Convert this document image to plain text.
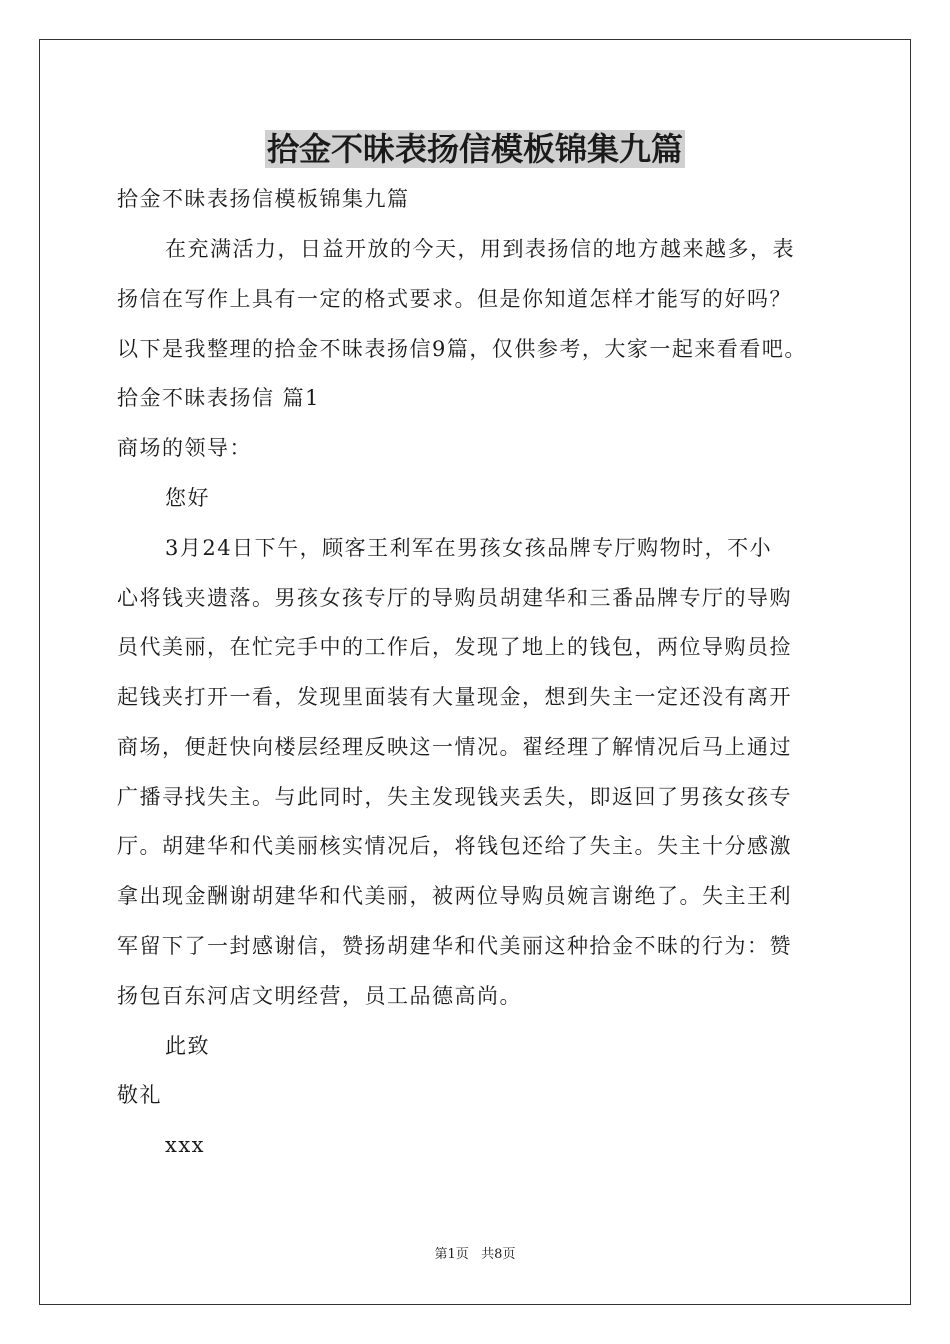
拾金不昧表扬信模板锦集九篇
拾金不昧表扬信模板锦集九篇
在充满活力，日益开放的今天，用到表扬信的地方越来越多，表
扬信在写作上具有一定的格式要求。但是你知道怎样才能写的好吗？
以下是我整理的拾金不昧表扬信9篇，仅供参考，大家一起来看看吧。
拾金不昧表扬信 篇1
商场的领导：
您好
3月24日下午，顾客王利军在男孩女孩品牌专厅购物时，不小
心将钱夹遗落。男孩女孩专厅的导购员胡建华和三番品牌专厅的导购
员代美丽，在忙完手中的工作后，发现了地上的钱包，两位导购员捡
起钱夹打开一看，发现里面装有大量现金，想到失主一定还没有离开
商场，便赶快向楼层经理反映这一情况。翟经理了解情况后马上通过
广播寻找失主。与此同时，失主发现钱夹丢失，即返回了男孩女孩专
厅。胡建华和代美丽核实情况后，将钱包还给了失主。失主十分感激
拿出现金酬谢胡建华和代美丽，被两位导购员婉言谢绝了。失主王利
军留下了一封感谢信，赞扬胡建华和代美丽这种拾金不昧的行为：赞
扬包百东河店文明经营，员工品德高尚。
此致
敬礼
xxx
第1页   共8页
